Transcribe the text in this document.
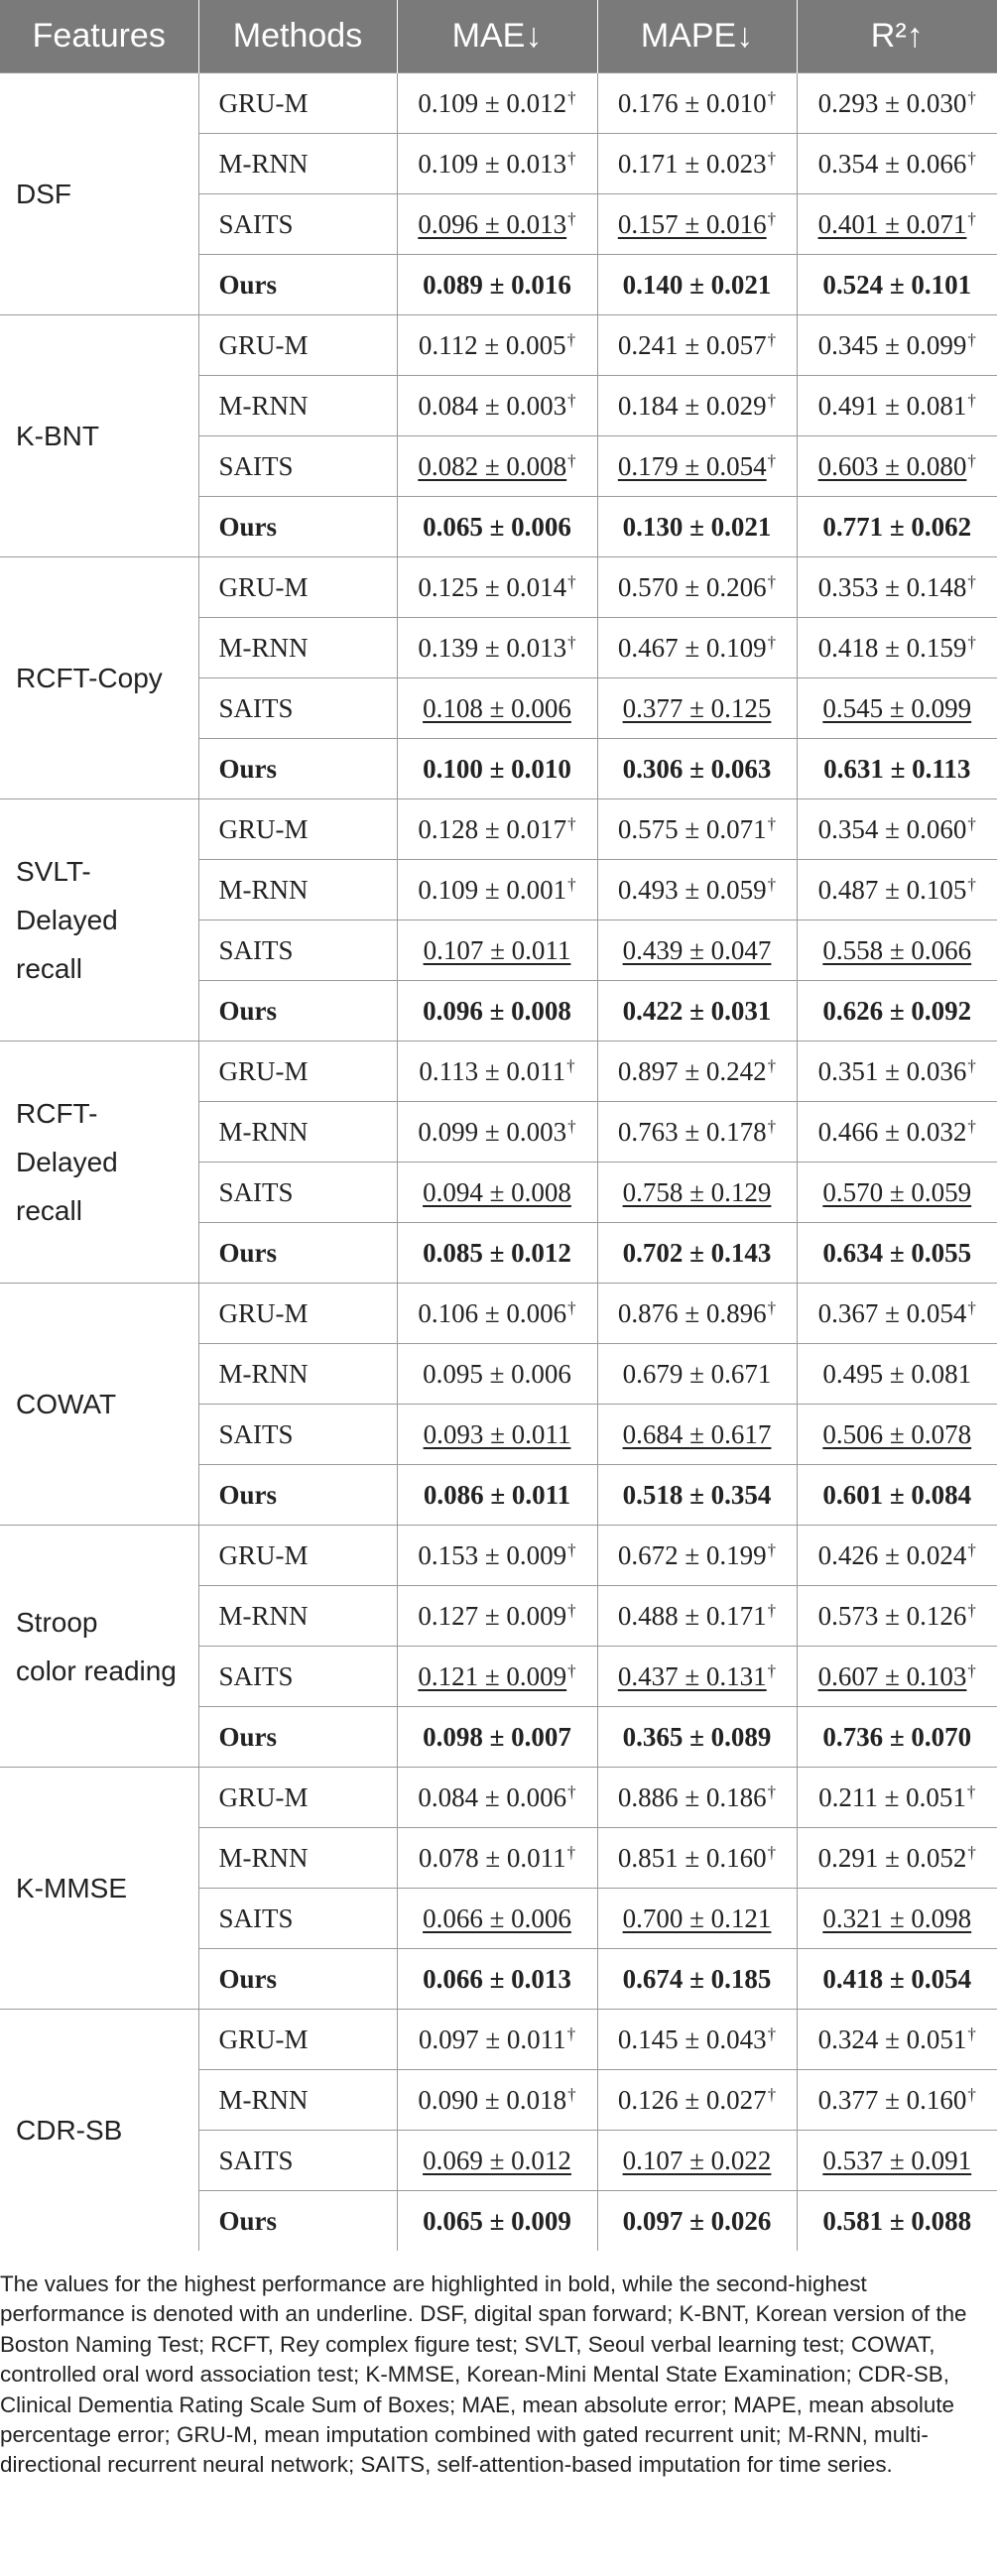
Features	Methods	MAE↓	MAPE↓	R²↑
DSF	GRU-M	0.109 ± 0.012†	0.176 ± 0.010†	0.293 ± 0.030†
	M-RNN	0.109 ± 0.013†	0.171 ± 0.023†	0.354 ± 0.066†
	SAITS	0.096 ± 0.013†	0.157 ± 0.016†	0.401 ± 0.071†
	Ours	0.089 ± 0.016	0.140 ± 0.021	0.524 ± 0.101
K-BNT	GRU-M	0.112 ± 0.005†	0.241 ± 0.057†	0.345 ± 0.099†
	M-RNN	0.084 ± 0.003†	0.184 ± 0.029†	0.491 ± 0.081†
	SAITS	0.082 ± 0.008†	0.179 ± 0.054†	0.603 ± 0.080†
	Ours	0.065 ± 0.006	0.130 ± 0.021	0.771 ± 0.062
RCFT-Copy	GRU-M	0.125 ± 0.014†	0.570 ± 0.206†	0.353 ± 0.148†
	M-RNN	0.139 ± 0.013†	0.467 ± 0.109†	0.418 ± 0.159†
	SAITS	0.108 ± 0.006	0.377 ± 0.125	0.545 ± 0.099
	Ours	0.100 ± 0.010	0.306 ± 0.063	0.631 ± 0.113
SVLT-
Delayed
recall	GRU-M	0.128 ± 0.017†	0.575 ± 0.071†	0.354 ± 0.060†
	M-RNN	0.109 ± 0.001†	0.493 ± 0.059†	0.487 ± 0.105†
	SAITS	0.107 ± 0.011	0.439 ± 0.047	0.558 ± 0.066
	Ours	0.096 ± 0.008	0.422 ± 0.031	0.626 ± 0.092
RCFT-
Delayed
recall	GRU-M	0.113 ± 0.011†	0.897 ± 0.242†	0.351 ± 0.036†
	M-RNN	0.099 ± 0.003†	0.763 ± 0.178†	0.466 ± 0.032†
	SAITS	0.094 ± 0.008	0.758 ± 0.129	0.570 ± 0.059
	Ours	0.085 ± 0.012	0.702 ± 0.143	0.634 ± 0.055
COWAT	GRU-M	0.106 ± 0.006†	0.876 ± 0.896†	0.367 ± 0.054†
	M-RNN	0.095 ± 0.006	0.679 ± 0.671	0.495 ± 0.081
	SAITS	0.093 ± 0.011	0.684 ± 0.617	0.506 ± 0.078
	Ours	0.086 ± 0.011	0.518 ± 0.354	0.601 ± 0.084
Stroop
color reading	GRU-M	0.153 ± 0.009†	0.672 ± 0.199†	0.426 ± 0.024†
	M-RNN	0.127 ± 0.009†	0.488 ± 0.171†	0.573 ± 0.126†
	SAITS	0.121 ± 0.009†	0.437 ± 0.131†	0.607 ± 0.103†
	Ours	0.098 ± 0.007	0.365 ± 0.089	0.736 ± 0.070
K-MMSE	GRU-M	0.084 ± 0.006†	0.886 ± 0.186†	0.211 ± 0.051†
	M-RNN	0.078 ± 0.011†	0.851 ± 0.160†	0.291 ± 0.052†
	SAITS	0.066 ± 0.006	0.700 ± 0.121	0.321 ± 0.098
	Ours	0.066 ± 0.013	0.674 ± 0.185	0.418 ± 0.054
CDR-SB	GRU-M	0.097 ± 0.011†	0.145 ± 0.043†	0.324 ± 0.051†
	M-RNN	0.090 ± 0.018†	0.126 ± 0.027†	0.377 ± 0.160†
	SAITS	0.069 ± 0.012	0.107 ± 0.022	0.537 ± 0.091
	Ours	0.065 ± 0.009	0.097 ± 0.026	0.581 ± 0.088
The values for the highest performance are highlighted in bold, while the second-highest performance is denoted with an underline. DSF, digital span forward; K-BNT, Korean version of the Boston Naming Test; RCFT, Rey complex figure test; SVLT, Seoul verbal learning test; COWAT, controlled oral word association test; K-MMSE, Korean-Mini Mental State Examination; CDR-SB, Clinical Dementia Rating Scale Sum of Boxes; MAE, mean absolute error; MAPE, mean absolute percentage error; GRU-M, mean imputation combined with gated recurrent unit; M-RNN, multi-directional recurrent neural network; SAITS, self-attention-based imputation for time series.
